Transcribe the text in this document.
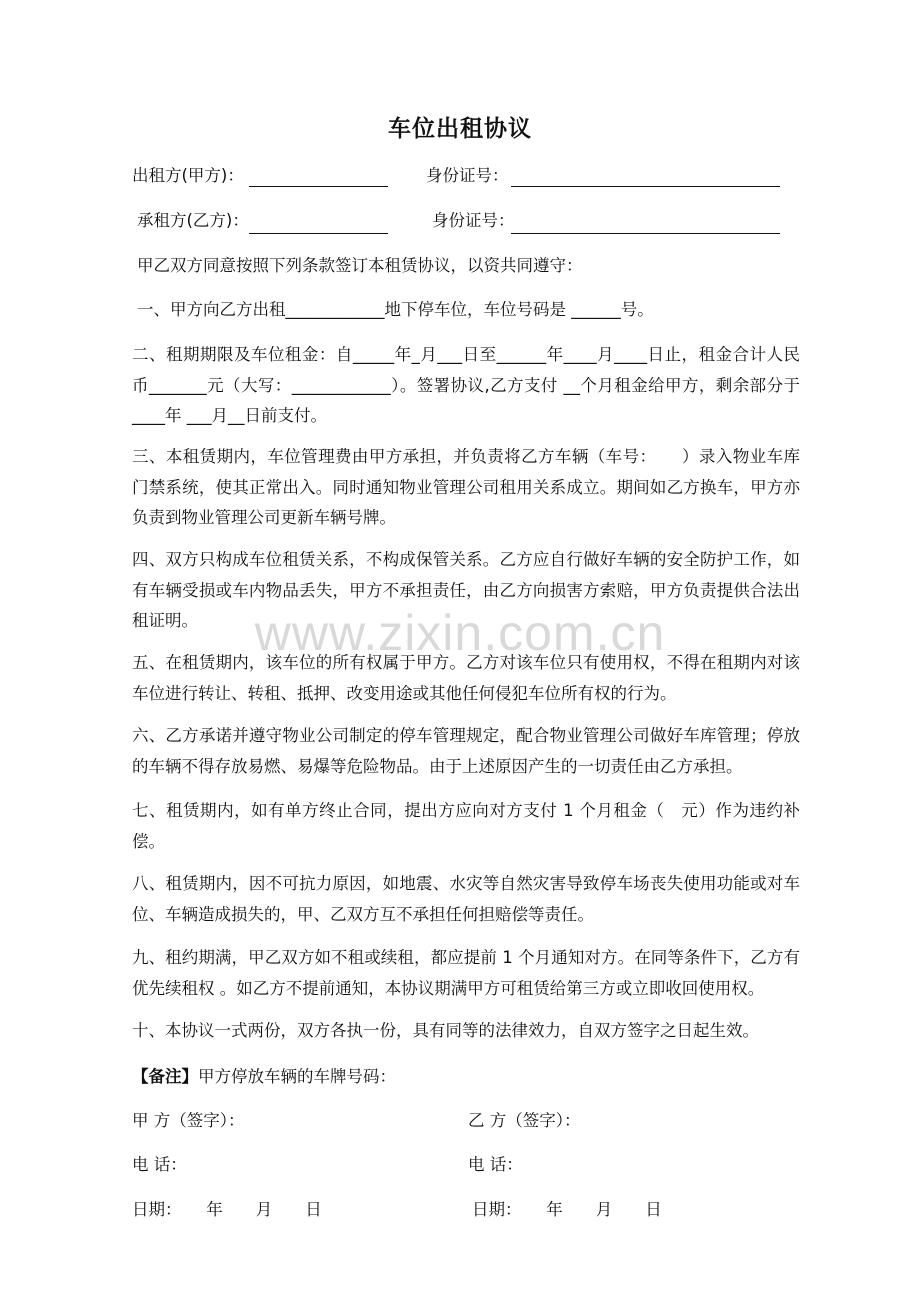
车位出租协议
出租方(甲方)：	身份证号：
承租方(乙方)：	身份证号：
甲乙双方同意按照下列条款签订本租赁协议，以资共同遵守：
一、甲方向乙方出租____________地下停车位，车位号码是 ______号。
二、租期期限及车位租金：自_____年_月___日至______年____月____日止，租金合计人民币_______元（大写：____________）。签署协议,乙方支付 __个月租金给甲方，剩余部分于 ____年 ___月__日前支付。
三、本租赁期内，车位管理费由甲方承担，并负责将乙方车辆（车号：　　）录入物业车库门禁系统，使其正常出入。同时通知物业管理公司租用关系成立。期间如乙方换车，甲方亦负责到物业管理公司更新车辆号牌。
四、双方只构成车位租赁关系，不构成保管关系。乙方应自行做好车辆的安全防护工作，如有车辆受损或车内物品丢失，甲方不承担责任，由乙方向损害方索赔，甲方负责提供合法出租证明。
五、在租赁期内，该车位的所有权属于甲方。乙方对该车位只有使用权，不得在租期内对该车位进行转让、转租、抵押、改变用途或其他任何侵犯车位所有权的行为。
六、乙方承诺并遵守物业公司制定的停车管理规定，配合物业管理公司做好车库管理；停放的车辆不得存放易燃、易爆等危险物品。由于上述原因产生的一切责任由乙方承担。
七、租赁期内，如有单方终止合同，提出方应向对方支付 1 个月租金（　元）作为违约补偿。
八、租赁期内，因不可抗力原因，如地震、水灾等自然灾害导致停车场丧失使用功能或对车位、车辆造成损失的，甲、乙双方互不承担任何担赔偿等责任。
九、租约期满，甲乙双方如不租或续租，都应提前 1 个月通知对方。在同等条件下，乙方有优先续租权 。如乙方不提前通知，本协议期满甲方可租赁给第三方或立即收回使用权。
十、本协议一式两份，双方各执一份，具有同等的法律效力，自双方签字之日起生效。
【备注】甲方停放车辆的车牌号码：
甲 方（签字）：	乙 方（签字）：
电 话：	电 话：
日期：　　年　　月　　日	日期：　　年　　月　　日
www.zixin.com.cn
